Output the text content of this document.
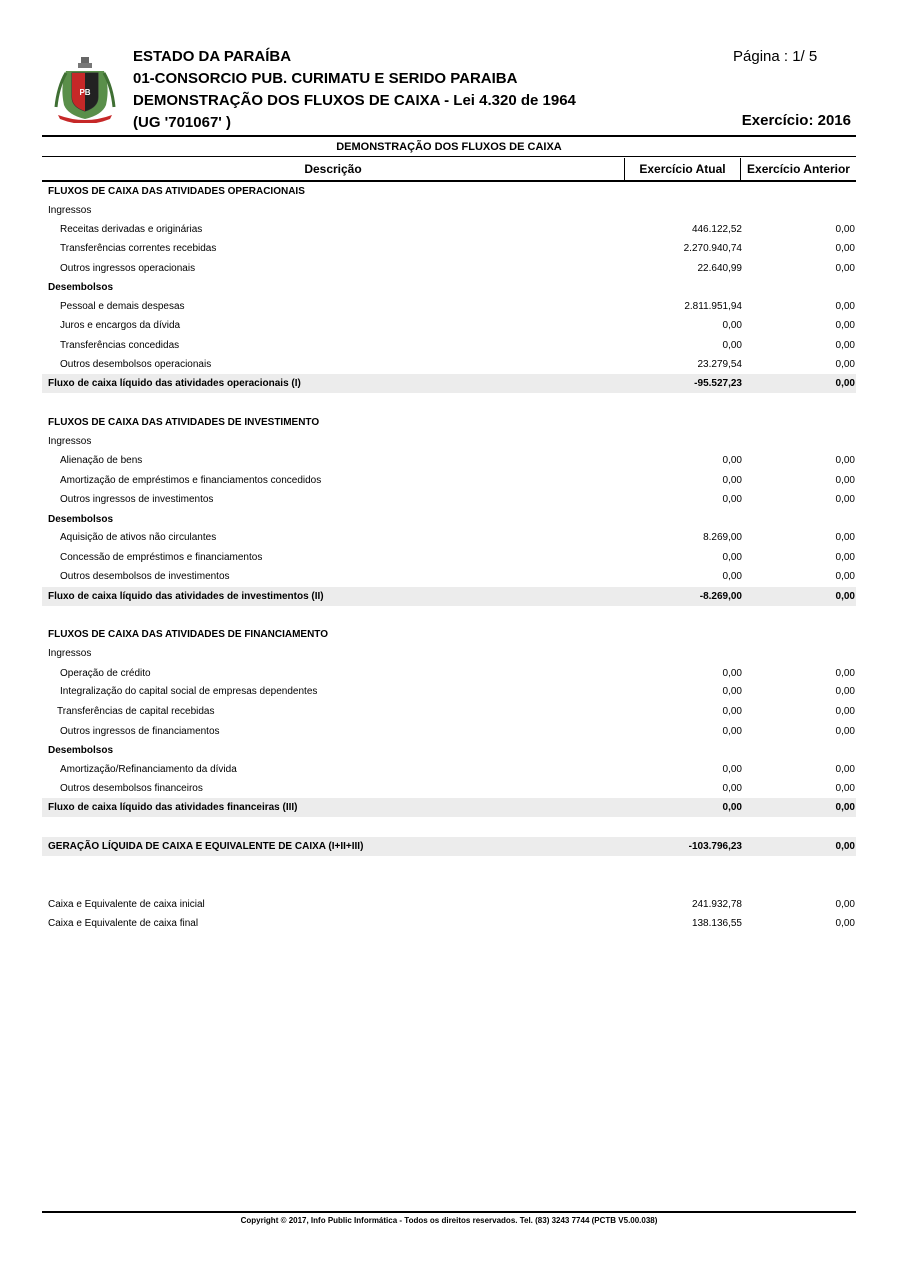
PB
ESTADO DA PARAÍBA
01-CONSORCIO PUB. CURIMATU E SERIDO PARAIBA
DEMONSTRAÇÃO DOS FLUXOS DE CAIXA - Lei 4.320 de 1964
(UG '701067' )
Página : 1/ 5
Exercício: 2016
DEMONSTRAÇÃO DOS FLUXOS DE CAIXA
Descrição	Exercício Atual	Exercício Anterior
FLUXOS DE CAIXA DAS ATIVIDADES OPERACIONAIS
Ingressos
Receitas derivadas e originárias	446.122,52	0,00
Transferências correntes recebidas	2.270.940,74	0,00
Outros ingressos operacionais	22.640,99	0,00
Desembolsos
Pessoal e demais despesas	2.811.951,94	0,00
Juros e encargos da dívida	0,00	0,00
Transferências concedidas	0,00	0,00
Outros desembolsos operacionais	23.279,54	0,00
Fluxo de caixa líquido das atividades operacionais (I)	-95.527,23	0,00
FLUXOS DE CAIXA DAS ATIVIDADES DE INVESTIMENTO
Ingressos
Alienação de bens	0,00	0,00
Amortização de empréstimos e financiamentos concedidos	0,00	0,00
Outros ingressos de investimentos	0,00	0,00
Desembolsos
Aquisição de ativos não circulantes	8.269,00	0,00
Concessão de empréstimos e financiamentos	0,00	0,00
Outros desembolsos de investimentos	0,00	0,00
Fluxo de caixa líquido das atividades de investimentos (II)	-8.269,00	0,00
FLUXOS DE CAIXA DAS ATIVIDADES DE FINANCIAMENTO
Ingressos
Operação de crédito	0,00	0,00
Integralização do capital social de empresas dependentes	0,00	0,00
Transferências de capital recebidas	0,00	0,00
Outros ingressos de financiamentos	0,00	0,00
Desembolsos
Amortização/Refinanciamento da dívida	0,00	0,00
Outros desembolsos financeiros	0,00	0,00
Fluxo de caixa líquido das atividades financeiras (III)	0,00	0,00
GERAÇÃO LÍQUIDA DE CAIXA E EQUIVALENTE DE CAIXA (I+II+III)	-103.796,23	0,00
Caixa e Equivalente de caixa inicial	241.932,78	0,00
Caixa e Equivalente de caixa final	138.136,55	0,00
Copyright © 2017, Info Public Informática - Todos os direitos reservados. Tel. (83) 3243 7744 (PCTB V5.00.038)
